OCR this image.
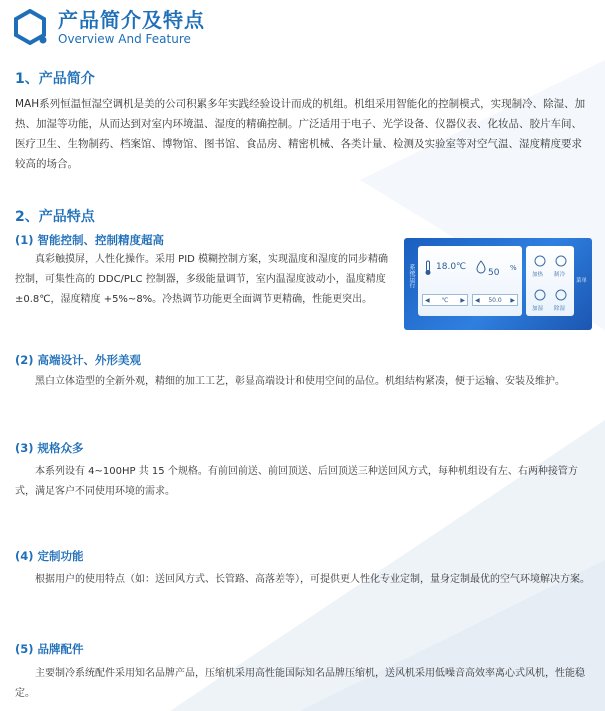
产品简介及特点
Overview And Feature
1、产品简介
MAH系列恒温恒湿空调机是美的公司积累多年实践经验设计而成的机组。机组采用智能化的控制模式，实现制冷、除湿、加热、加湿等功能，从而达到对室内环境温、湿度的精确控制。广泛适用于电子、光学设备、仪器仪表、化妆品、胶片车间、医疗卫生、生物制药、档案馆、博物馆、图书馆、食品房、精密机械、各类计量、检测及实验室等对空气温、湿度精度要求较高的场合。
2、产品特点
(1) 智能控制、控制精度超高
真彩触摸屏，人性化操作。采用 PID 模糊控制方案，实现温度和湿度的同步精确控制，可集性高的 DDC/PLC 控制器，多级能量调节，室内温湿度波动小，温度精度±0.8℃，湿度精度 +5%~8%。冷热调节功能更全面调节更精确，性能更突出。
系统运行 18.0℃
50 %
◀ ℃ ▶ ◀ 50.0 ▶
加热 制冷
加湿 除湿
菜单
(2) 高端设计、外形美观
黑白立体造型的全新外观，精细的加工工艺，彰显高端设计和使用空间的品位。机组结构紧凑，便于运输、安装及维护。
(3) 规格众多
本系列设有 4~100HP 共 15 个规格。有前回前送、前回顶送、后回顶送三种送回风方式，每种机组设有左、右两种接管方式，满足客户不同使用环境的需求。
(4) 定制功能
根据用户的使用特点（如：送回风方式、长管路、高落差等），可提供更人性化专业定制，量身定制最优的空气环境解决方案。
(5) 品牌配件
主要制冷系统配件采用知名品牌产品，压缩机采用高性能国际知名品牌压缩机，送风机采用低噪音高效率离心式风机，性能稳定。
